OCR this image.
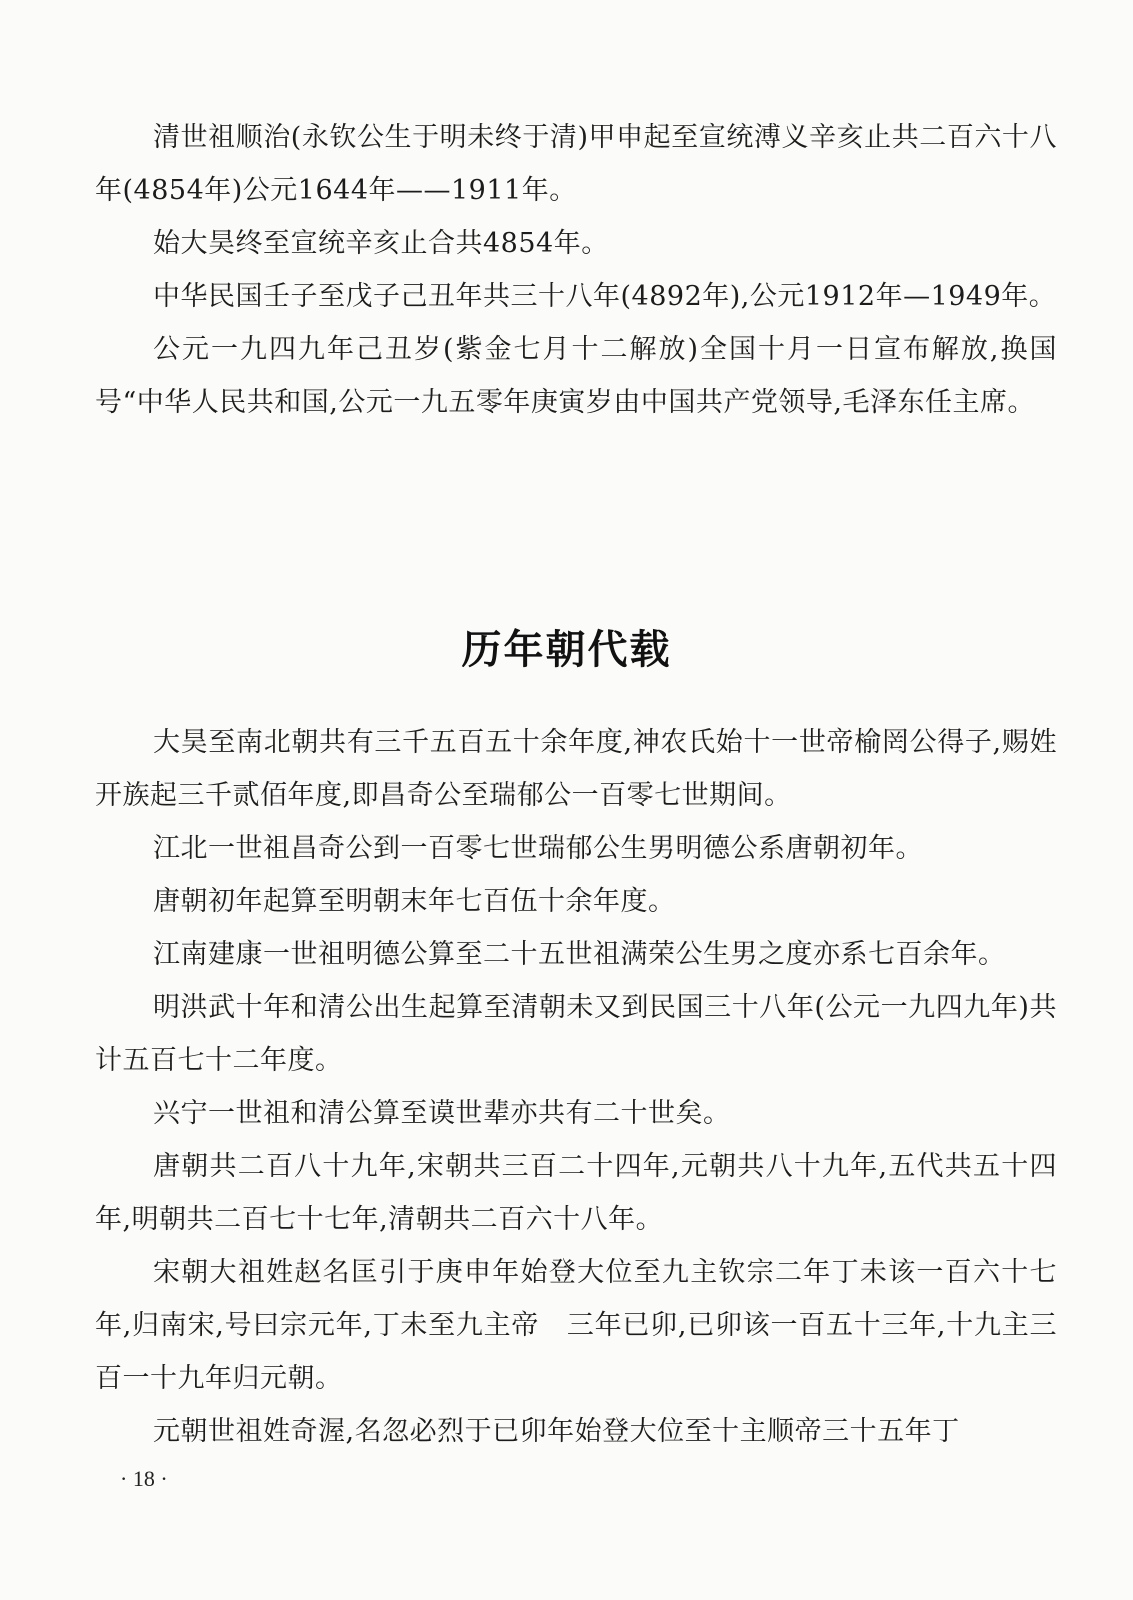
清世祖顺治(永钦公生于明未终于清)甲申起至宣统溥义辛亥止共二百六十八年(4854年)公元1644年——1911年。

始大昊终至宣统辛亥止合共4854年。

中华民国壬子至戊子己丑年共三十八年(4892年),公元1912年—1949年。

公元一九四九年己丑岁(紫金七月十二解放)全国十月一日宣布解放,换国号“中华人民共和国,公元一九五零年庚寅岁由中国共产党领导,毛泽东任主席。

历年朝代载

大昊至南北朝共有三千五百五十余年度,神农氏始十一世帝榆罔公得子,赐姓开族起三千贰佰年度,即昌奇公至瑞郁公一百零七世期间。

江北一世祖昌奇公到一百零七世瑞郁公生男明德公系唐朝初年。

唐朝初年起算至明朝末年七百伍十余年度。

江南建康一世祖明德公算至二十五世祖满荣公生男之度亦系七百余年。

明洪武十年和清公出生起算至清朝未又到民国三十八年(公元一九四九年)共计五百七十二年度。

兴宁一世祖和清公算至谟世辈亦共有二十世矣。

唐朝共二百八十九年,宋朝共三百二十四年,元朝共八十九年,五代共五十四年,明朝共二百七十七年,清朝共二百六十八年。

宋朝大祖姓赵名匡引于庚申年始登大位至九主钦宗二年丁未该一百六十七年,归南宋,号曰宗元年,丁未至九主帝　三年已卯,已卯该一百五十三年,十九主三百一十九年归元朝。

元朝世祖姓奇渥,名忽必烈于已卯年始登大位至十主顺帝三十五年丁

· 18 ·
